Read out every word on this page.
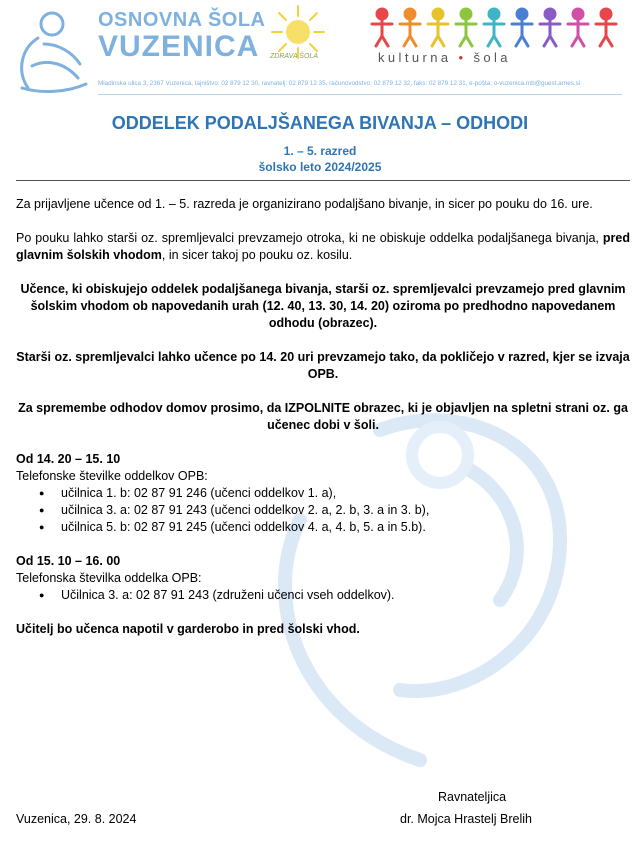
OSNOVNA ŠOLA
VUZENICA	ZDRAVA ŠOLA	kulturna • šola
Mladinska ulica 3, 2367 Vuzenica, tajništvo: 02 879 12 30, ravnatelj: 02 879 12 35, računovodstvo: 02 879 12 32, faks: 02 879 12 31, e-pošta: o-vuzenica.mb@guest.arnes.si
ODDELEK PODALJŠANEGA BIVANJA – ODHODI
1. – 5. razred
šolsko leto 2024/2025

Za prijavljene učence od 1. – 5. razreda je organizirano podaljšano bivanje, in sicer po pouku do 16. ure.

Po pouku lahko starši oz. spremljevalci prevzamejo otroka, ki ne obiskuje oddelka podaljšanega bivanja, pred glavnim šolskih vhodom, in sicer takoj po pouku oz. kosilu.

Učence, ki obiskujejo oddelek podaljšanega bivanja, starši oz. spremljevalci prevzamejo pred glavnim šolskim vhodom ob napovedanih urah (12. 40, 13. 30, 14. 20) oziroma po predhodno napovedanem odhodu (obrazec).

Starši oz. spremljevalci lahko učence po 14. 20 uri prevzamejo tako, da pokličejo v razred, kjer se izvaja OPB.

Za spremembe odhodov domov prosimo, da IZPOLNITE obrazec, ki je objavljen na spletni strani oz. ga učenec dobi v šoli.

Od 14. 20 – 15. 10

Telefonske številke oddelkov OPB:

● učilnica 1. b: 02 87 91 246 (učenci oddelkov 1. a),
● učilnica 3. a: 02 87 91 243 (učenci oddelkov 2. a, 2. b, 3. a in 3. b),
● učilnica 5. b: 02 87 91 245 (učenci oddelkov 4. a, 4. b, 5. a in 5.b).

Od 15. 10 – 16. 00

Telefonska številka oddelka OPB:

● Učilnica 3. a: 02 87 91 243 (združeni učenci vseh oddelkov).

Učitelj bo učenca napotil v garderobo in pred šolski vhod.

Vuzenica, 29. 8. 2024
Ravnateljica
dr. Mojca Hrastelj Brelih
